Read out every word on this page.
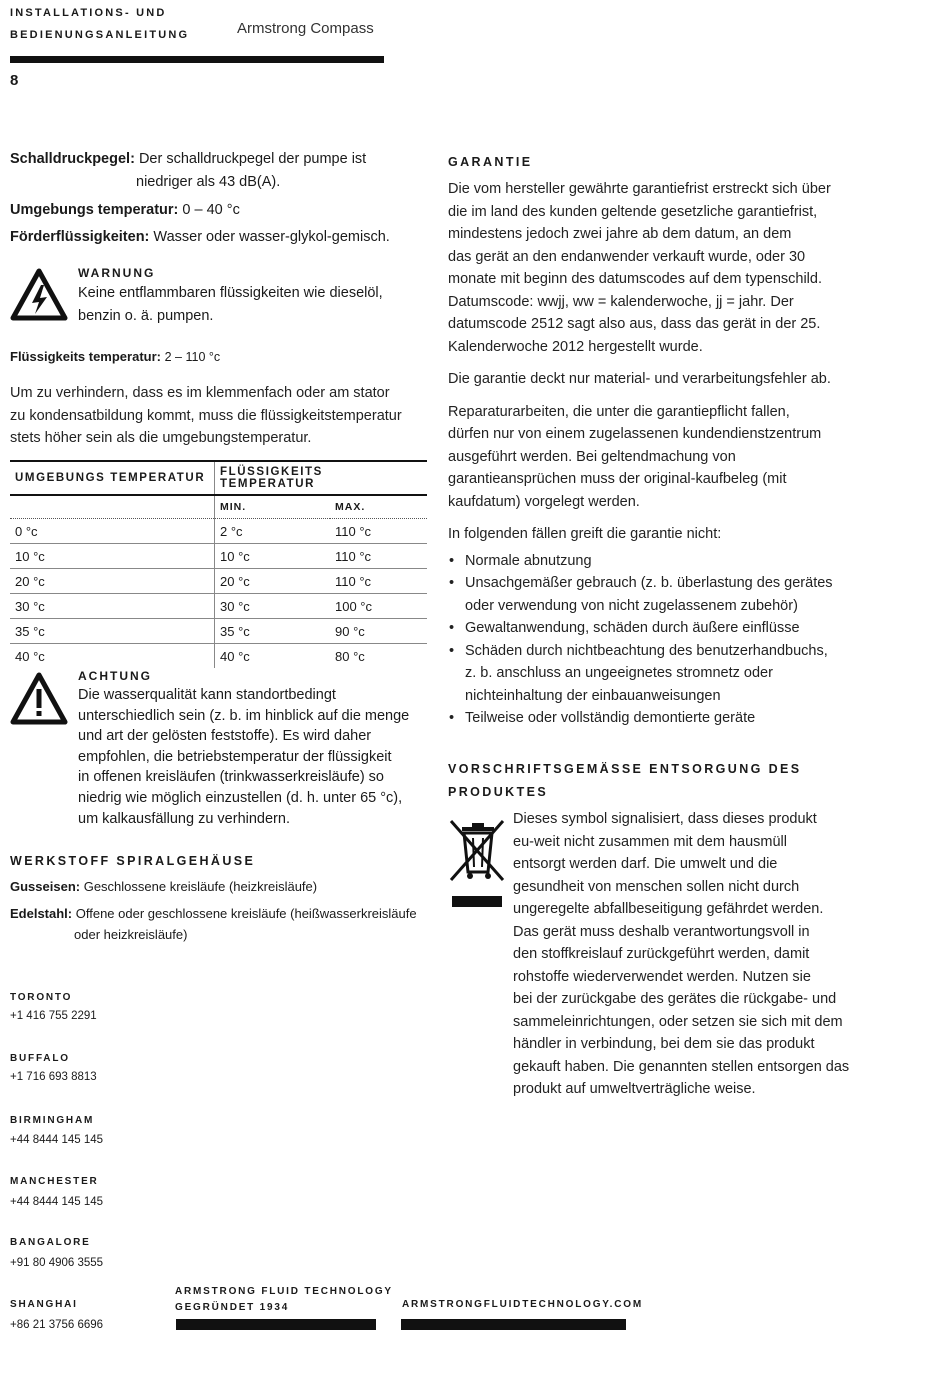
INSTALLATIONS- UND
BEDIENUNGSANLEITUNG	Armstrong Compass
8
Schalldruckpegel: Der schalldruckpegel der pumpe ist
niedriger als 43 dB(A).
Umgebungs temperatur: 0 – 40 °c
Förderflüssigkeiten: Wasser oder wasser-glykol-gemisch.
WARNUNG
Keine entflammbaren flüssigkeiten wie dieselöl,
benzin o. ä. pumpen.
Flüssigkeits temperatur: 2 – 110 °c
Um zu verhindern, dass es im klemmenfach oder am stator
zu kondensatbildung kommt, muss die flüssigkeitstemperatur
stets höher sein als die umgebungstemperatur.
UMGEBUNGS TEMPERATUR	FLÜSSIGKEITS TEMPERATUR	
	MIN.	MAX.
0 °c	2 °c	110 °c
10 °c	10 °c	110 °c
20 °c	20 °c	110 °c
30 °c	30 °c	100 °c
35 °c	35 °c	90 °c
40 °c	40 °c	80 °c
ACHTUNG
Die wasserqualität kann standortbedingt
unterschiedlich sein (z. b. im hinblick auf die menge
und art der gelösten feststoffe). Es wird daher
empfohlen, die betriebstemperatur der flüssigkeit
in offenen kreisläufen (trinkwasserkreisläufe) so
niedrig wie möglich einzustellen (d. h. unter 65 °c),
um kalkausfällung zu verhindern.
WERKSTOFF SPIRALGEHÄUSE
Gusseisen: Geschlossene kreisläufe (heizkreisläufe)
Edelstahl: Offene oder geschlossene kreisläufe (heißwasserkreisläufe
oder heizkreisläufe)
TORONTO
+1 416 755 2291
BUFFALO
+1 716 693 8813
BIRMINGHAM
+44 8444 145 145
MANCHESTER
+44 8444 145 145
BANGALORE
+91 80 4906 3555
SHANGHAI
+86 21 3756 6696
ARMSTRONG FLUID TECHNOLOGY
GEGRÜNDET 1934	ARMSTRONGFLUIDTECHNOLOGY.COM
GARANTIE
Die vom hersteller gewährte garantiefrist erstreckt sich über
die im land des kunden geltende gesetzliche garantiefrist,
mindestens jedoch zwei jahre ab dem datum, an dem
das gerät an den endanwender verkauft wurde, oder 30
monate mit beginn des datumscodes auf dem typenschild.
Datumscode: wwjj, ww = kalenderwoche, jj = jahr. Der
datumscode 2512 sagt also aus, dass das gerät in der 25.
Kalenderwoche 2012 hergestellt wurde.
Die garantie deckt nur material- und verarbeitungsfehler ab.
Reparaturarbeiten, die unter die garantiepflicht fallen,
dürfen nur von einem zugelassenen kundendienstzentrum
ausgeführt werden. Bei geltendmachung von
garantieansprüchen muss der original-kaufbeleg (mit
kaufdatum) vorgelegt werden.
In folgenden fällen greift die garantie nicht:
• Normale abnutzung
• Unsachgemäßer gebrauch (z. b. überlastung des gerätes
oder verwendung von nicht zugelassenem zubehör)
• Gewaltanwendung, schäden durch äußere einflüsse
• Schäden durch nichtbeachtung des benutzerhandbuchs,
z. b. anschluss an ungeeignetes stromnetz oder
nichteinhaltung der einbauanweisungen
• Teilweise oder vollständig demontierte geräte
VORSCHRIFTSGEMÄSSE ENTSORGUNG DES
PRODUKTES
Dieses symbol signalisiert, dass dieses produkt
eu-weit nicht zusammen mit dem hausmüll
entsorgt werden darf. Die umwelt und die
gesundheit von menschen sollen nicht durch
ungeregelte abfallbeseitigung gefährdet werden.
Das gerät muss deshalb verantwortungsvoll in
den stoffkreislauf zurückgeführt werden, damit
rohstoffe wiederverwendet werden. Nutzen sie
bei der zurückgabe des gerätes die rückgabe- und
sammeleinrichtungen, oder setzen sie sich mit dem
händler in verbindung, bei dem sie das produkt
gekauft haben. Die genannten stellen entsorgen das
produkt auf umweltverträgliche weise.
